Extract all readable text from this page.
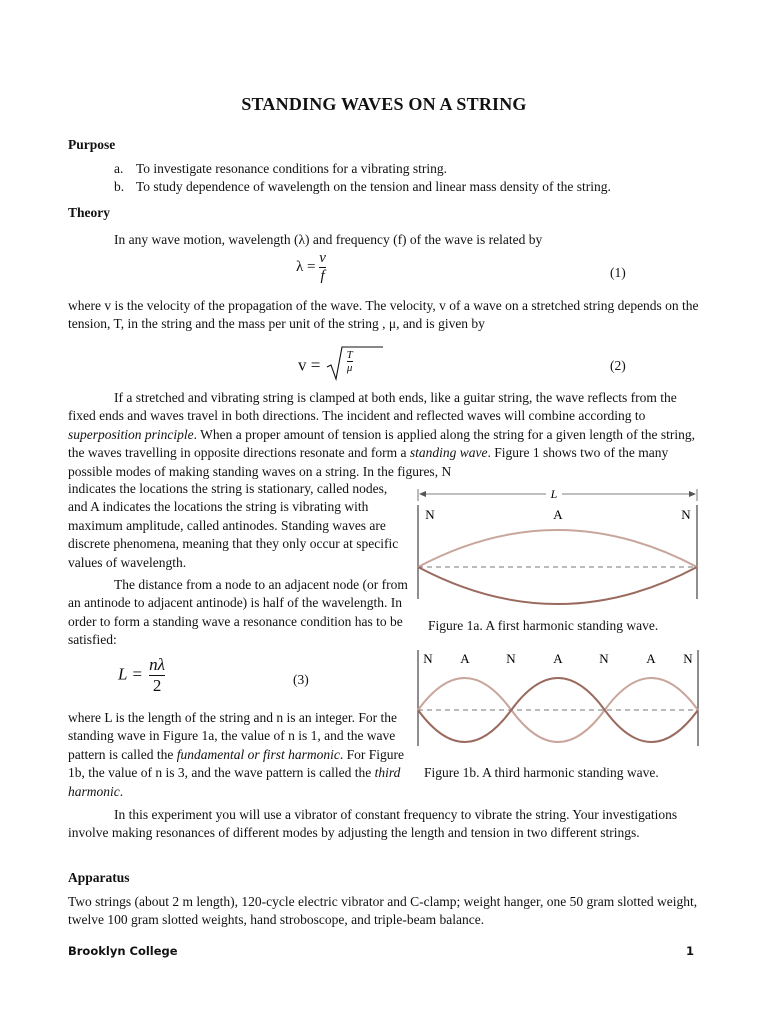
STANDING WAVES ON A STRING
Purpose
a. To investigate resonance conditions for a vibrating string.
b. To study dependence of wavelength on the tension and linear mass density of the string.
Theory
In any wave motion, wavelength (λ) and frequency (f) of the wave is related by
$\lambda = \frac{v}{f}$	(1)
where v is the velocity of the propagation of the wave. The velocity, v of a wave on a stretched string depends on the tension, T, in the string and the mass per unit of the string , μ, and is given by
$v = \frac{T}{\mu}$	(2)
If a stretched and vibrating string is clamped at both ends, like a guitar string, the wave reflects from the fixed ends and waves travel in both directions. The incident and reflected waves will combine according to superposition principle. When a proper amount of tension is applied along the string for a given length of the string, the waves travelling in opposite directions resonate and form a standing wave. Figure 1 shows two of the many possible modes of making standing waves on a string. In the figures, N
indicates the locations the string is stationary, called nodes, and A indicates the locations the string is vibrating with maximum amplitude, called antinodes. Standing waves are discrete phenomena, meaning that they only occur at specific values of wavelength.
The distance from a node to an adjacent node (or from an antinode to adjacent antinode) is half of the wavelength. In order to form a standing wave a resonance condition has to be satisfied:
$L = \frac{n\lambda}{2}$	(3)
where L is the length of the string and n is an integer. For the standing wave in Figure 1a, the value of n is 1, and the wave pattern is called the fundamental or first harmonic. For Figure 1b, the value of n is 3, and the wave pattern is called the third harmonic.
In this experiment you will use a vibrator of constant frequency to vibrate the string. Your investigations involve making resonances of different modes by adjusting the length and tension in two different strings.
L
N	A	N
Figure 1a. A first harmonic standing wave.
N A	N	A	N	A N
Figure 1b. A third harmonic standing wave.
Apparatus
Two strings (about 2 m length), 120-cycle electric vibrator and C-clamp; weight hanger, one 50 gram slotted weight, twelve 100 gram slotted weights, hand stroboscope, and triple-beam balance.
Brooklyn College	1
